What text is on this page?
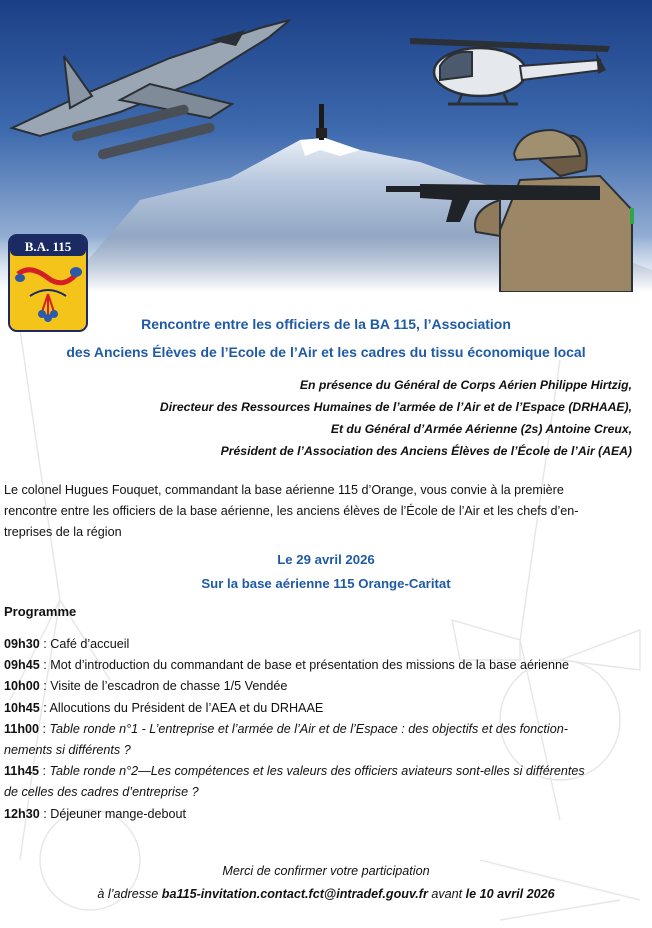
B.A. 115
Rencontre entre les officiers de la BA 115, l’Association
des Anciens Élèves de l’Ecole de l’Air et les cadres du tissu économique local
En présence du Général de Corps Aérien Philippe Hirtzig,
Directeur des Ressources Humaines de l’armée de l’Air et de l’Espace (DRHAAE),
Et du Général d’Armée Aérienne (2s) Antoine Creux,
Président de l’Association des Anciens Élèves de l’École de l’Air (AEA)
Le colonel Hugues Fouquet, commandant la base aérienne 115 d’Orange, vous convie à la première
rencontre entre les officiers de la base aérienne, les anciens élèves de l’École de l’Air et les chefs d’en-
treprises de la région
Le 29 avril 2026
Sur la base aérienne 115 Orange-Caritat
Programme
09h30 : Café d’accueil
09h45 : Mot d’introduction du commandant de base et présentation des missions de la base aérienne
10h00 : Visite de l’escadron de chasse 1/5 Vendée
10h45 : Allocutions du Président de l’AEA et du DRHAAE
11h00 : Table ronde n°1 - L’entreprise et l’armée de l’Air et de l’Espace : des objectifs et des fonction-
nements si différents ?
11h45 : Table ronde n°2—Les compétences et les valeurs des officiers aviateurs sont-elles si différentes
de celles des cadres d’entreprise ?
12h30 : Déjeuner mange-debout
Merci de confirmer votre participation
à l’adresse ba115-invitation.contact.fct@intradef.gouv.fr avant le 10 avril 2026
